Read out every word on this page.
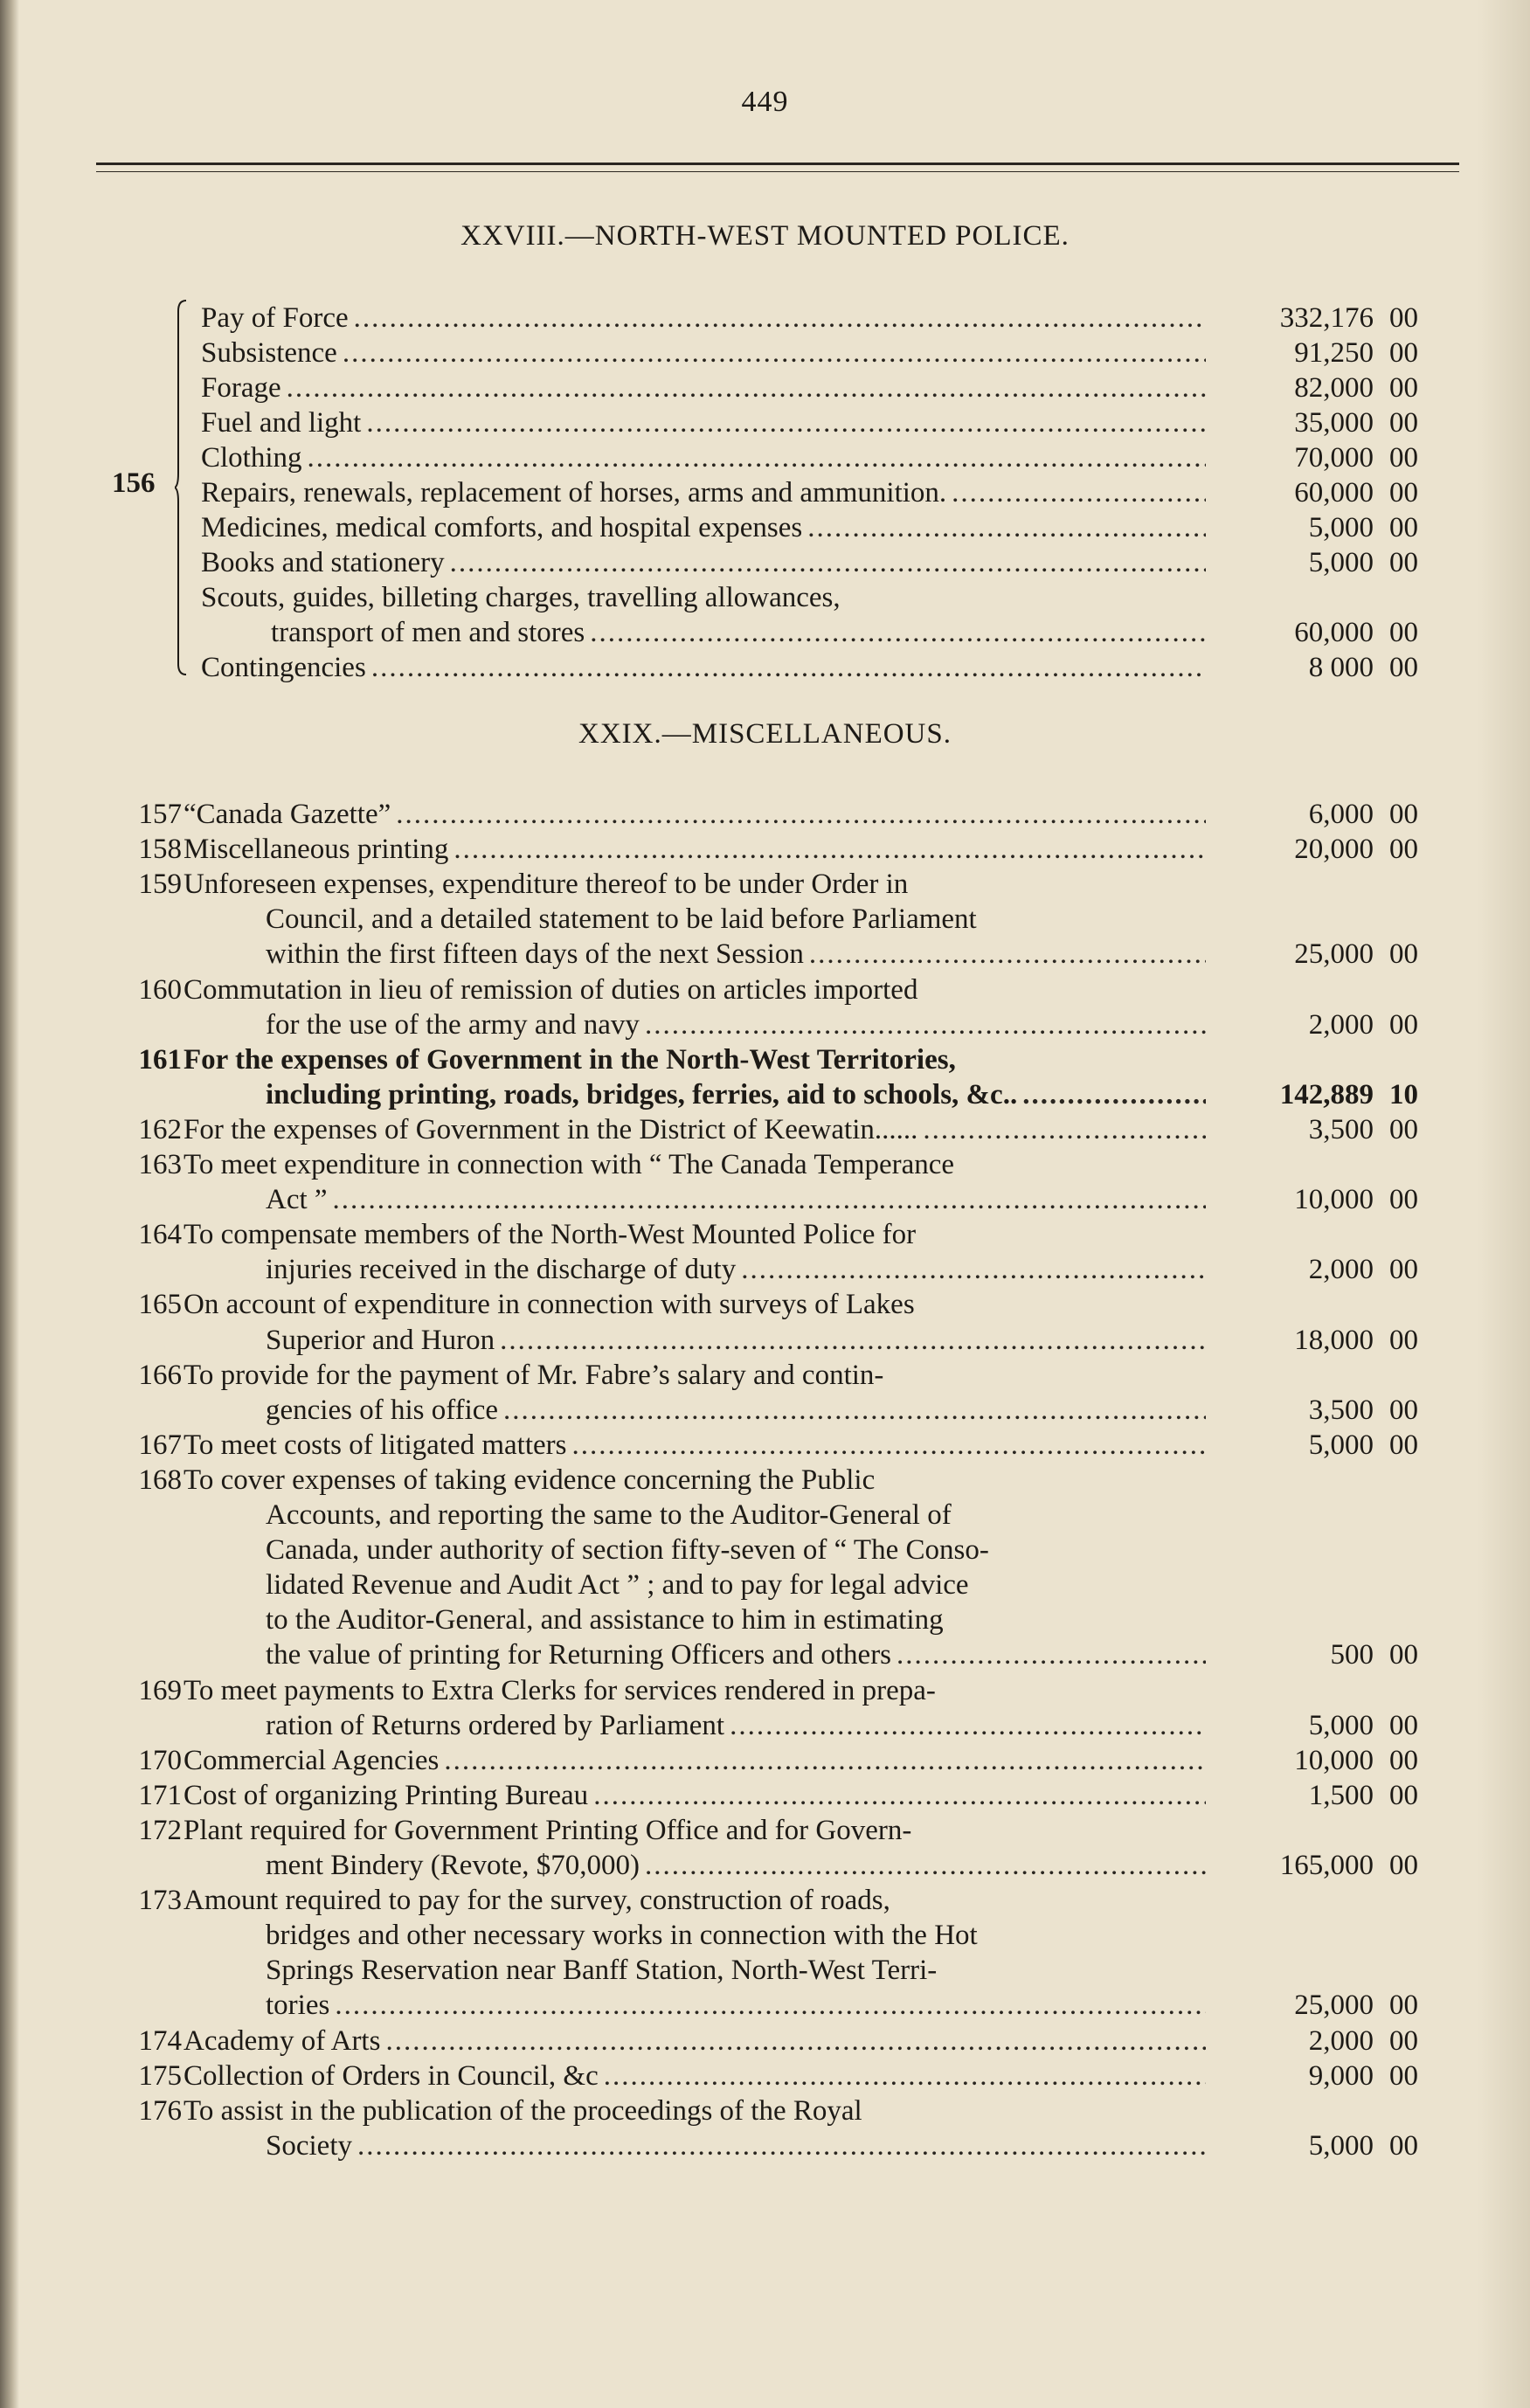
449
XXVIII.—NORTH-WEST MOUNTED POLICE.
156
Pay of Force .....	332,176 00
Subsistence .....	91,250 00
Forage .....	82,000 00
Fuel and light .....	35,000 00
Clothing .....	70,000 00
Repairs, renewals, replacement of horses, arms and ammunition. .....	60,000 00
Medicines, medical comforts, and hospital expenses .....	5,000 00
Books and stationery .....	5,000 00
Scouts, guides, billeting charges, travelling allowances,
transport of men and stores .....	60,000 00
Contingencies .....	8 000 00
XXIX.—MISCELLANEOUS.
157 “Canada Gazette” .....	6,000 00
158 Miscellaneous printing .....	20,000 00
159 Unforeseen expenses, expenditure thereof to be under Order in
Council, and a detailed statement to be laid before Parliament
within the first fifteen days of the next Session .....	25,000 00
160 Commutation in lieu of remission of duties on articles imported
for the use of the army and navy .....	2,000 00
161 For the expenses of Government in the North-West Territories,
including printing, roads, bridges, ferries, aid to schools, &c.. .....	142,889 10
162 For the expenses of Government in the District of Keewatin...... .....	3,500 00
163 To meet expenditure in connection with “ The Canada Temperance
Act ” .....	10,000 00
164 To compensate members of the North-West Mounted Police for
injuries received in the discharge of duty .....	2,000 00
165 On account of expenditure in connection with surveys of Lakes
Superior and Huron .....	18,000 00
166 To provide for the payment of Mr. Fabre’s salary and contin-
gencies of his office .....	3,500 00
167 To meet costs of litigated matters .....	5,000 00
168 To cover expenses of taking evidence concerning the Public
Accounts, and reporting the same to the Auditor-General of
Canada, under authority of section fifty-seven of “ The Conso-
lidated Revenue and Audit Act ” ; and to pay for legal advice
to the Auditor-General, and assistance to him in estimating
the value of printing for Returning Officers and others .....	500 00
169 To meet payments to Extra Clerks for services rendered in prepa-
ration of Returns ordered by Parliament .....	5,000 00
170 Commercial Agencies .....	10,000 00
171 Cost of organizing Printing Bureau .....	1,500 00
172 Plant required for Government Printing Office and for Govern-
ment Bindery (Revote, $70,000) .....	165,000 00
173 Amount required to pay for the survey, construction of roads,
bridges and other necessary works in connection with the Hot
Springs Reservation near Banff Station, North-West Terri-
tories .....	25,000 00
174 Academy of Arts .....	2,000 00
175 Collection of Orders in Council, &c .....	9,000 00
176 To assist in the publication of the proceedings of the Royal
Society .....	5,000 00
